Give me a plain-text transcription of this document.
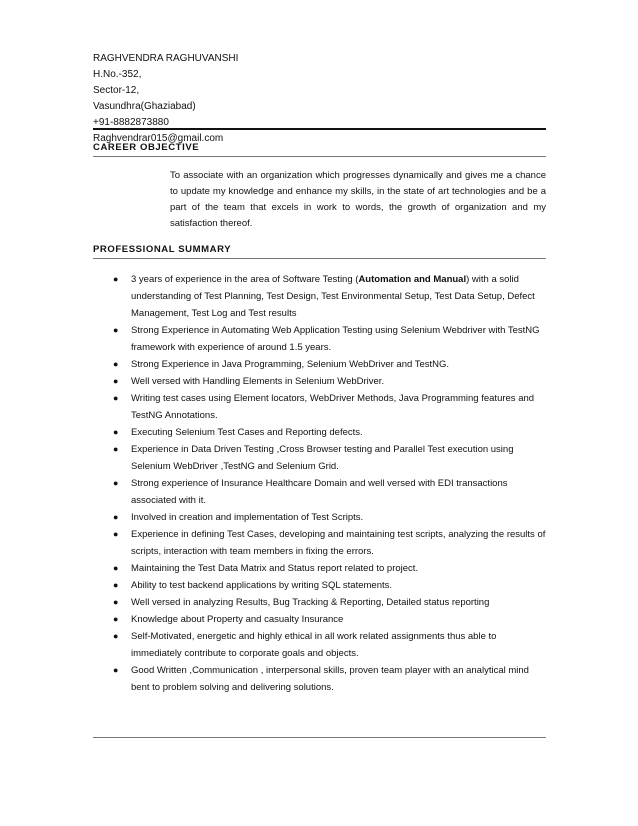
RAGHVENDRA RAGHUVANSHI
H.No.-352,
Sector-12,
Vasundhra(Ghaziabad)
+91-8882873880
Raghvendrar015@gmail.com
CAREER OBJECTIVE
To associate with an organization which progresses dynamically and gives me a chance to update my knowledge and enhance my skills, in the state of art technologies and be a part of the team that excels in work to words, the growth of organization and my satisfaction thereof.
PROFESSIONAL SUMMARY
● 3 years of experience in the area of Software Testing (Automation and Manual) with a solid understanding of Test Planning, Test Design, Test Environmental Setup, Test Data Setup, Defect Management, Test Log and Test results
● Strong Experience in Automating Web Application Testing using Selenium Webdriver with TestNG framework with experience of around 1.5 years.
● Strong Experience in Java Programming, Selenium WebDriver and TestNG.
● Well versed with Handling Elements in Selenium WebDriver.
● Writing test cases using Element locators, WebDriver Methods, Java Programming features and TestNG Annotations.
● Executing Selenium Test Cases and Reporting defects.
● Experience in Data Driven Testing ,Cross Browser testing and Parallel Test execution using Selenium WebDriver ,TestNG and Selenium Grid.
● Strong experience of Insurance Healthcare Domain and well versed with EDI transactions associated with it.
● Involved in creation and implementation of Test Scripts.
● Experience in defining Test Cases, developing and maintaining test scripts, analyzing the results of scripts, interaction with team members in fixing the errors.
● Maintaining the Test Data Matrix and Status report related to project.
● Ability to test backend applications by writing SQL statements.
● Well versed in analyzing Results, Bug Tracking & Reporting, Detailed status reporting
● Knowledge about Property and casualty Insurance
● Self-Motivated, energetic and highly ethical in all work related assignments thus able to immediately contribute to corporate goals and objects.
● Good Written ,Communication , interpersonal skills, proven team player with an analytical mind bent to problem solving and delivering solutions.
